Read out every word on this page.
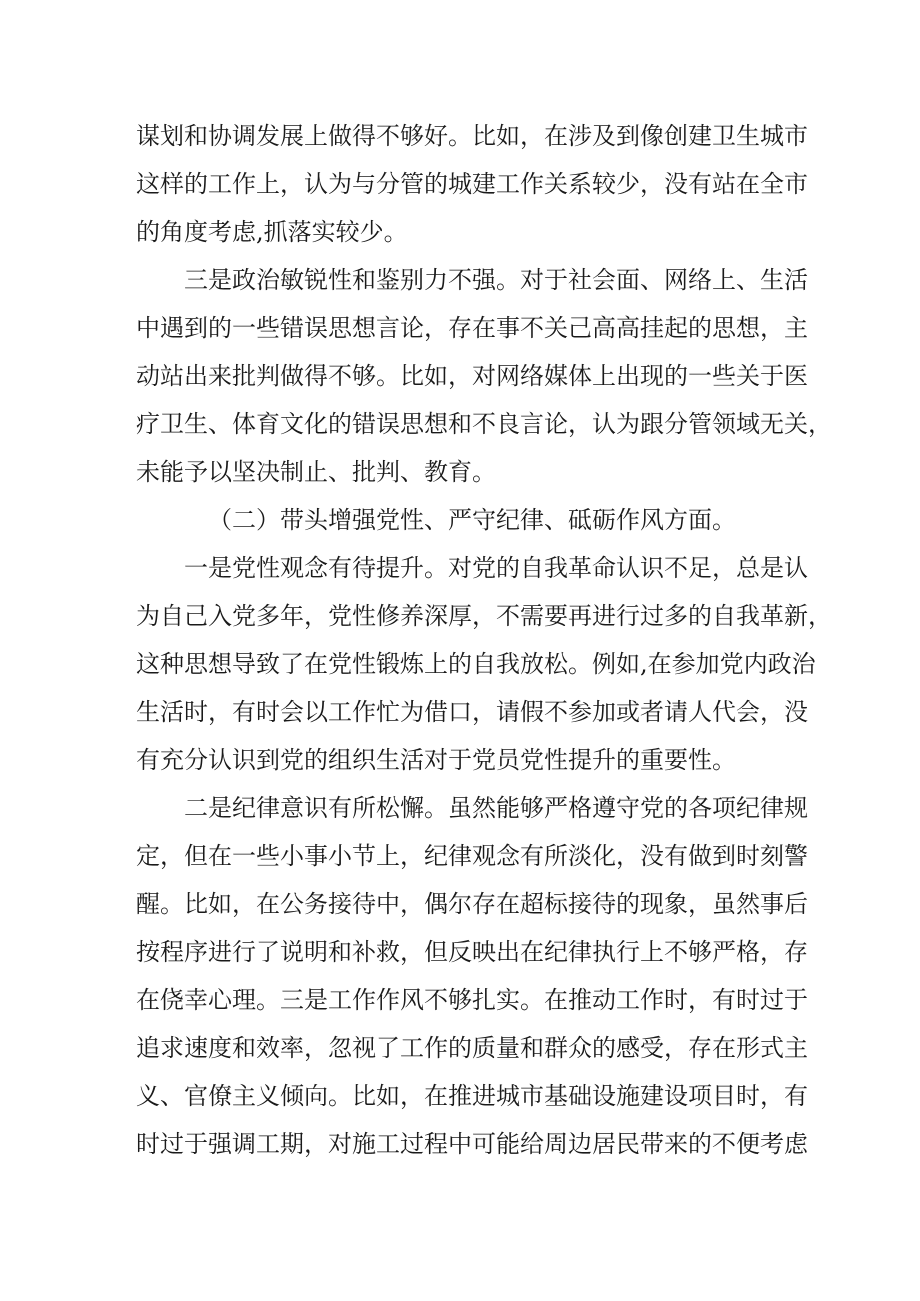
谋划和协调发展上做得不够好。比如，在涉及到像创建卫生城市
这样的工作上，认为与分管的城建工作关系较少，没有站在全市
的角度考虑,抓落实较少。
三是政治敏锐性和鉴别力不强。对于社会面、网络上、生活
中遇到的一些错误思想言论，存在事不关己高高挂起的思想，主
动站出来批判做得不够。比如，对网络媒体上出现的一些关于医
疗卫生、体育文化的错误思想和不良言论，认为跟分管领域无关，
未能予以坚决制止、批判、教育。
（二）带头增强党性、严守纪律、砥砺作风方面。
一是党性观念有待提升。对党的自我革命认识不足，总是认
为自己入党多年，党性修养深厚，不需要再进行过多的自我革新，
这种思想导致了在党性锻炼上的自我放松。例如,在参加党内政治
生活时，有时会以工作忙为借口，请假不参加或者请人代会，没
有充分认识到党的组织生活对于党员党性提升的重要性。
二是纪律意识有所松懈。虽然能够严格遵守党的各项纪律规
定，但在一些小事小节上，纪律观念有所淡化，没有做到时刻警
醒。比如，在公务接待中，偶尔存在超标接待的现象，虽然事后
按程序进行了说明和补救，但反映出在纪律执行上不够严格，存
在侥幸心理。三是工作作风不够扎实。在推动工作时，有时过于
追求速度和效率，忽视了工作的质量和群众的感受，存在形式主
义、官僚主义倾向。比如，在推进城市基础设施建设项目时，有
时过于强调工期，对施工过程中可能给周边居民带来的不便考虑
